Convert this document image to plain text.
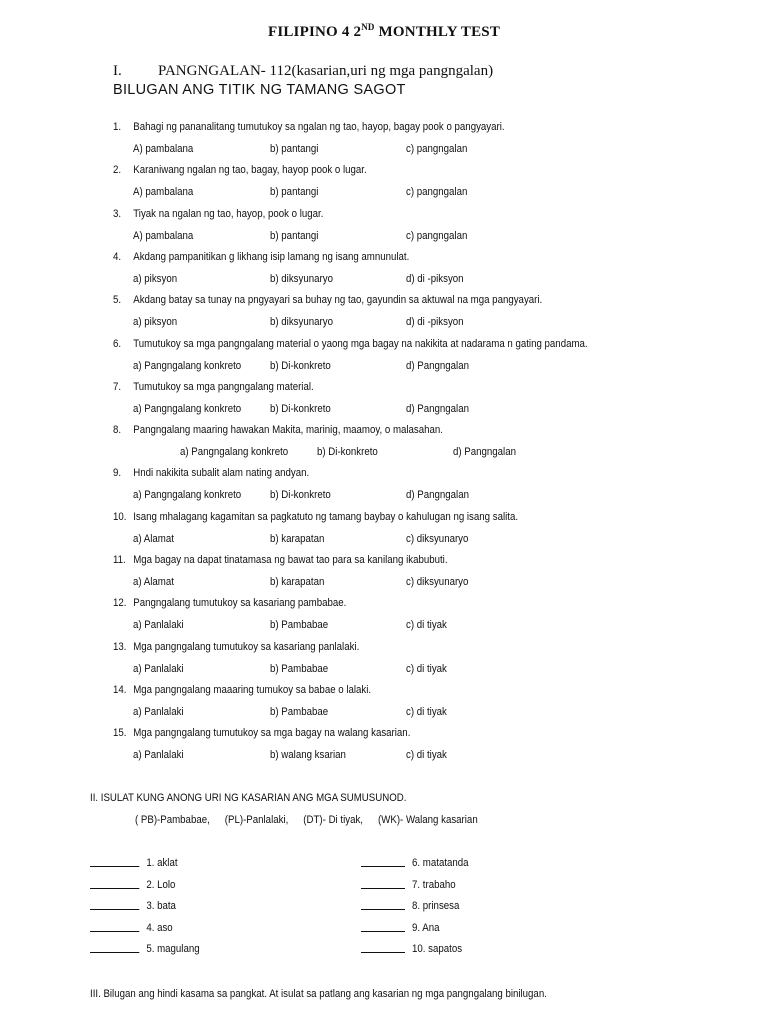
FILIPINO 4 2ND MONTHLY TEST
I. PANGNGALAN- 112(kasarian,uri ng mga pangngalan)
BILUGAN ANG TITIK NG TAMANG SAGOT
1. Bahagi ng pananalitang tumutukoy sa ngalan ng tao, hayop, bagay pook o pangyayari.
A) pambalana	b) pantangi	c) pangngalan
2. Karaniwang ngalan ng tao, bagay, hayop pook o lugar.
A) pambalana	b) pantangi	c) pangngalan
3. Tiyak na ngalan ng tao, hayop, pook o lugar.
A) pambalana	b) pantangi	c) pangngalan
4. Akdang pampanitikan g likhang isip lamang ng isang amnunulat.
a) piksyon	b) diksyunaryo	d) di -piksyon
5. Akdang batay sa tunay na pngyayari sa buhay ng tao, gayundin sa aktuwal na mga pangyayari.
a) piksyon	b) diksyunaryo	d) di -piksyon
6. Tumutukoy sa mga pangngalang material o yaong mga bagay na nakikita at nadarama n gating pandama.
a) Pangngalang konkreto	b) Di-konkreto	d) Pangngalan
7. Tumutukoy sa mga pangngalang material.
a) Pangngalang konkreto	b) Di-konkreto	d) Pangngalan
8. Pangngalang maaring hawakan Makita, marinig, maamoy, o malasahan.
a) Pangngalang konkreto	b) Di-konkreto	d) Pangngalan
9. Hndi nakikita subalit alam nating andyan.
a) Pangngalang konkreto	b) Di-konkreto	d) Pangngalan
10. Isang mhalagang kagamitan sa pagkatuto ng tamang baybay o kahulugan ng isang salita.
a) Alamat	b) karapatan	c) diksyunaryo
11. Mga bagay na dapat tinatamasa ng bawat tao para sa kanilang ikabubuti.
a) Alamat	b) karapatan	c) diksyunaryo
12. Pangngalang tumutukoy sa kasariang pambabae.
a) Panlalaki	b) Pambabae	c) di tiyak
13. Mga pangngalang tumutukoy sa kasariang panlalaki.
a) Panlalaki	b) Pambabae	c) di tiyak
14. Mga pangngalang maaaring tumukoy sa babae o lalaki.
a) Panlalaki	b) Pambabae	c) di tiyak
15. Mga pangngalang tumutukoy sa mga bagay na walang kasarian.
a) Panlalaki	b) walang ksarian	c) di tiyak
II. ISULAT KUNG ANONG URI NG KASARIAN ANG MGA SUMUSUNOD.
( PB)-Pambabae, (PL)-Panlalaki, (DT)- Di tiyak, (WK)- Walang kasarian
1. aklat
2. Lolo
3. bata
4. aso
5. magulang
6. matatanda
7. trabaho
8. prinsesa
9. Ana
10. sapatos
III. Bilugan ang hindi kasama sa pangkat. At isulat sa patlang ang kasarian ng mga pangngalang binilugan.
